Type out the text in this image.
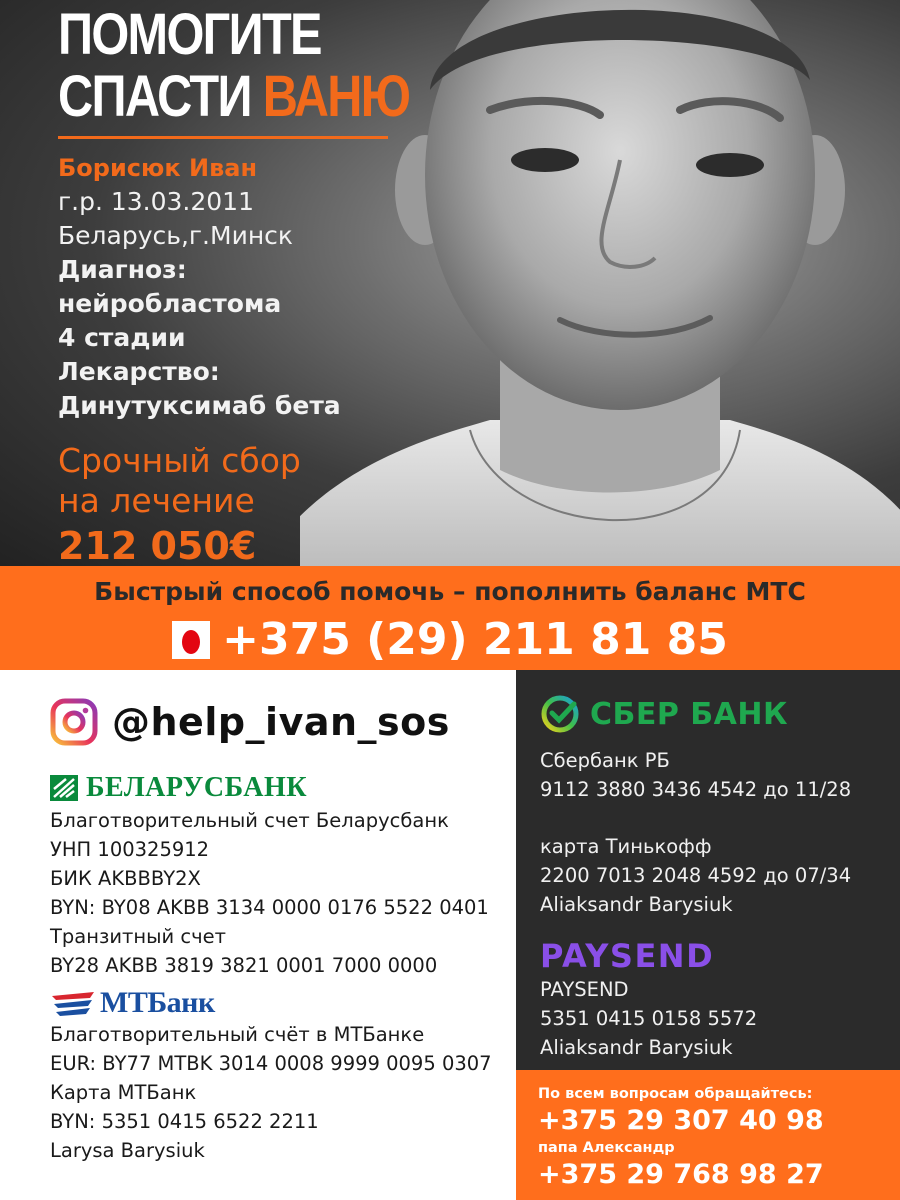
ПОМОГИТЕ
СПАСТИ ВАНЮ
Борисюк Иван
г.р. 13.03.2011
Беларусь,г.Минск
Диагноз:
нейробластома
4 стадии
Лекарство:
Динутуксимаб бета
Срочный сбор
на лечение
212 050€
Быстрый способ помочь – пополнить баланс МТС
+375 (29) 211 81 85
@help_ivan_sos
БЕЛАРУСБАНК
Благотворительный счет Беларусбанк
УНП 100325912
БИК AKBBBY2X
BYN: BY08 AKBB 3134 0000 0176 5522 0401
Транзитный счет
BY28 AKBB 3819 3821 0001 7000 0000
МТБанк
Благотворительный счёт в МТБанке
EUR: BY77 MTBK 3014 0008 9999 0095 0307
Карта МТБанк
BYN: 5351 0415 6522 2211
Larysa Barysiuk
СБЕР БАНК
Сбербанк РБ
9112 3880 3436 4542 до 11/28
карта Тинькофф
2200 7013 2048 4592 до 07/34
Aliaksandr Barysiuk
PAYSEND
PAYSEND
5351 0415 0158 5572
Aliaksandr Barysiuk
По всем вопросам обращайтесь:
+375 29 307 40 98
папа Александр
+375 29 768 98 27
